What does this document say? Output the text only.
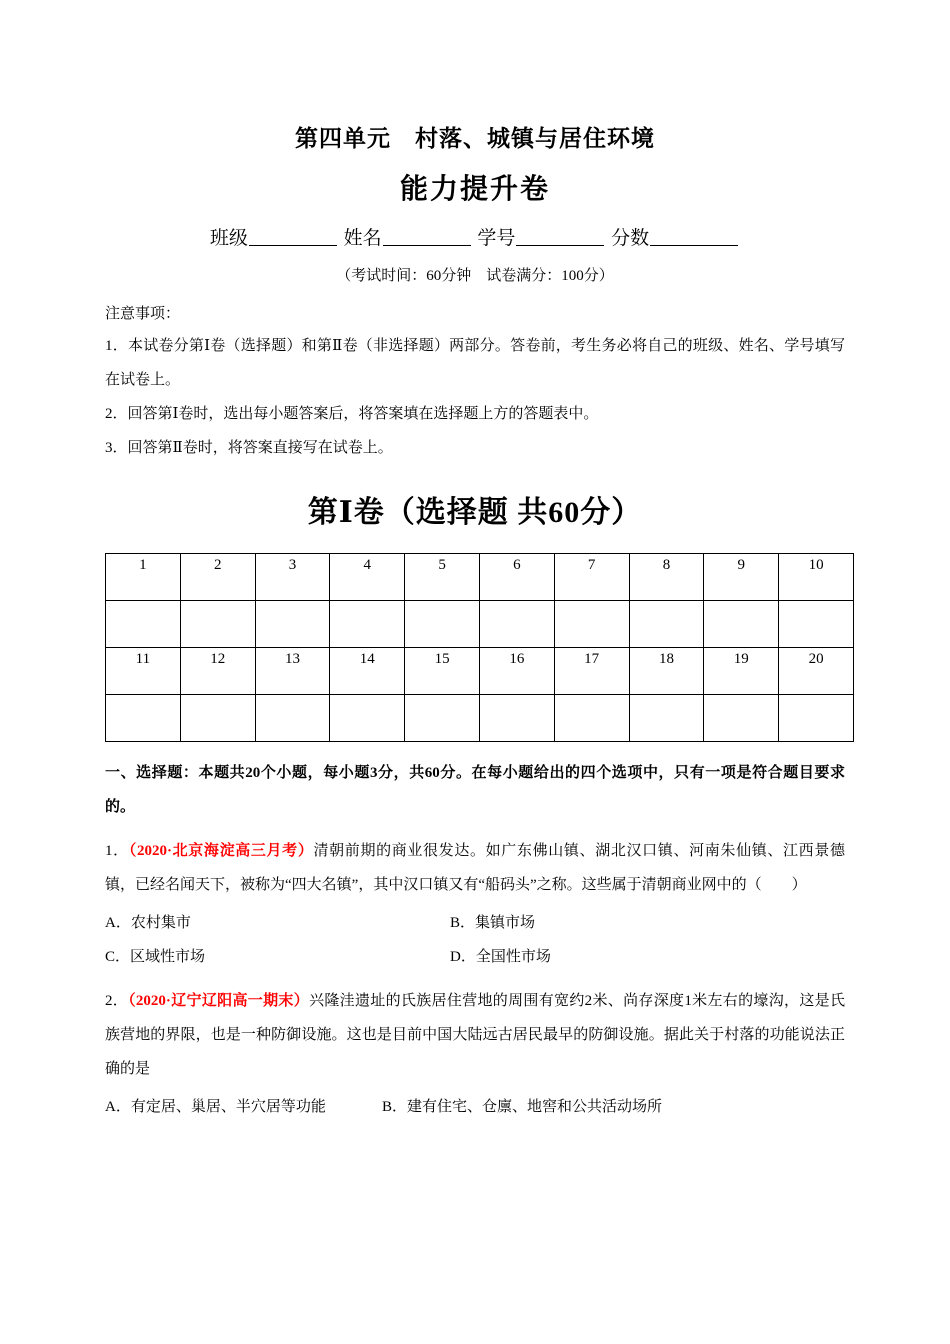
第四单元　村落、城镇与居住环境
能力提升卷

班级	姓名	学号	分数

（考试时间：60分钟　试卷满分：100分）

注意事项：

1．本试卷分第Ⅰ卷（选择题）和第Ⅱ卷（非选择题）两部分。答卷前，考生务必将自己的班级、姓名、学号填写在试卷上。

2．回答第Ⅰ卷时，选出每小题答案后，将答案填在选择题上方的答题表中。

3．回答第Ⅱ卷时，将答案直接写在试卷上。

第Ⅰ卷（选择题 共60分）
1	2	3	4	5	6	7	8	9	10

11	12	13	14	15	16	17	18	19	20

一、选择题：本题共20个小题，每小题3分，共60分。在每小题给出的四个选项中，只有一项是符合题目要求的。

1．（2020·北京海淀高三月考）清朝前期的商业很发达。如广东佛山镇、湖北汉口镇、河南朱仙镇、江西景德镇，已经名闻天下，被称为“四大名镇”，其中汉口镇又有“船码头”之称。这些属于清朝商业网中的（　　）

A．农村集市	B．集镇市场
C．区域性市场	D．全国性市场

2．（2020·辽宁辽阳高一期末）兴隆洼遗址的氏族居住营地的周围有宽约2米、尚存深度1米左右的壕沟，这是氏族营地的界限，也是一种防御设施。这也是目前中国大陆远古居民最早的防御设施。据此关于村落的功能说法正确的是

A．有定居、巢居、半穴居等功能	B．建有住宅、仓廪、地窖和公共活动场所
